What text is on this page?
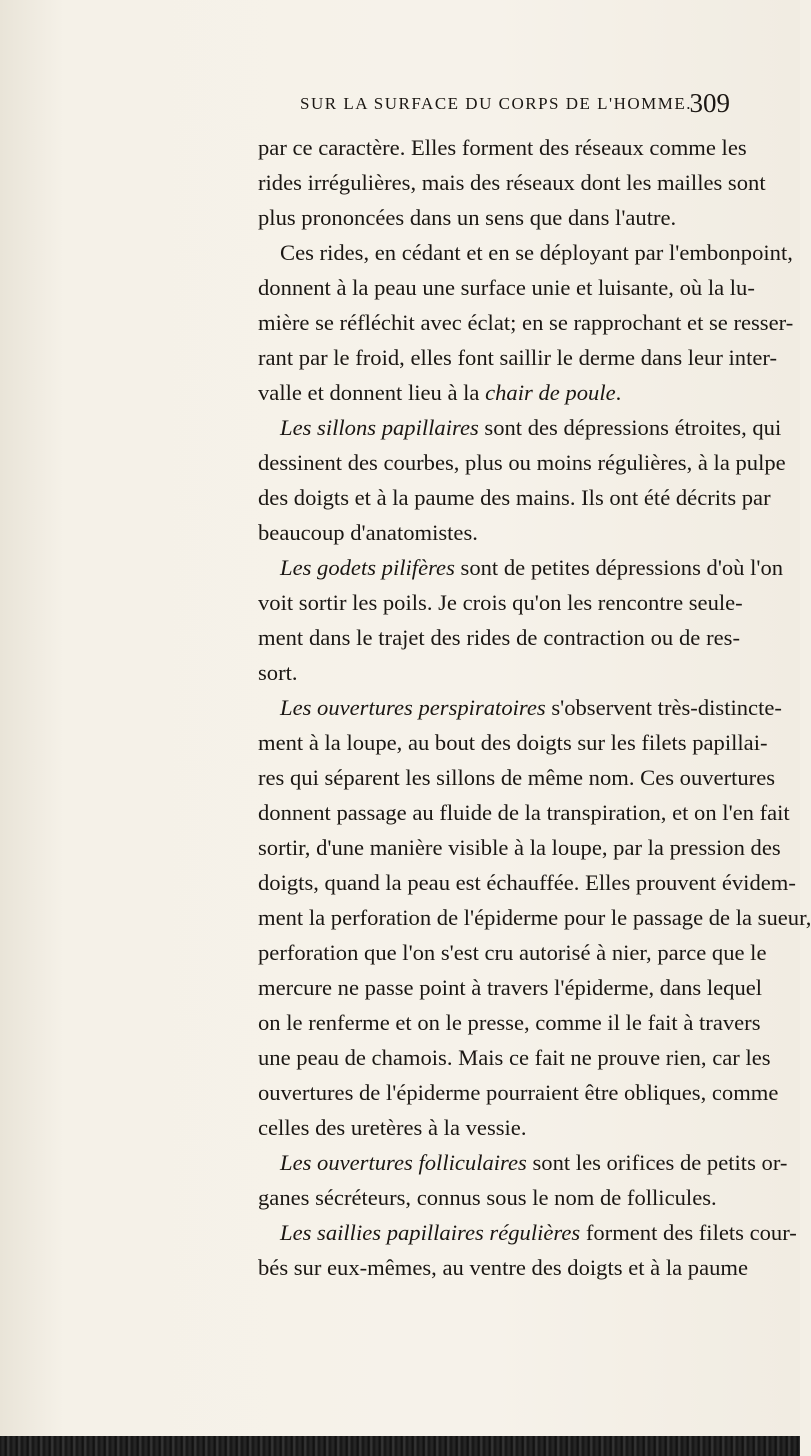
SUR LA SURFACE DU CORPS DE L'HOMME.
309
par ce caractère. Elles forment des réseaux comme les
rides irrégulières, mais des réseaux dont les mailles sont
plus prononcées dans un sens que dans l'autre.
Ces rides, en cédant et en se déployant par l'embonpoint,
donnent à la peau une surface unie et luisante, où la lu-
mière se réfléchit avec éclat; en se rapprochant et se resser-
rant par le froid, elles font saillir le derme dans leur inter-
valle et donnent lieu à la chair de poule.
Les sillons papillaires sont des dépressions étroites, qui
dessinent des courbes, plus ou moins régulières, à la pulpe
des doigts et à la paume des mains. Ils ont été décrits par
beaucoup d'anatomistes.
Les godets pilifères sont de petites dépressions d'où l'on
voit sortir les poils. Je crois qu'on les rencontre seule-
ment dans le trajet des rides de contraction ou de res-
sort.
Les ouvertures perspiratoires s'observent très-distincte-
ment à la loupe, au bout des doigts sur les filets papillai-
res qui séparent les sillons de même nom. Ces ouvertures
donnent passage au fluide de la transpiration, et on l'en fait
sortir, d'une manière visible à la loupe, par la pression des
doigts, quand la peau est échauffée. Elles prouvent évidem-
ment la perforation de l'épiderme pour le passage de la sueur,
perforation que l'on s'est cru autorisé à nier, parce que le
mercure ne passe point à travers l'épiderme, dans lequel
on le renferme et on le presse, comme il le fait à travers
une peau de chamois. Mais ce fait ne prouve rien, car les
ouvertures de l'épiderme pourraient être obliques, comme
celles des uretères à la vessie.
Les ouvertures folliculaires sont les orifices de petits or-
ganes sécréteurs, connus sous le nom de follicules.
Les saillies papillaires régulières forment des filets cour-
bés sur eux-mêmes, au ventre des doigts et à la paume
